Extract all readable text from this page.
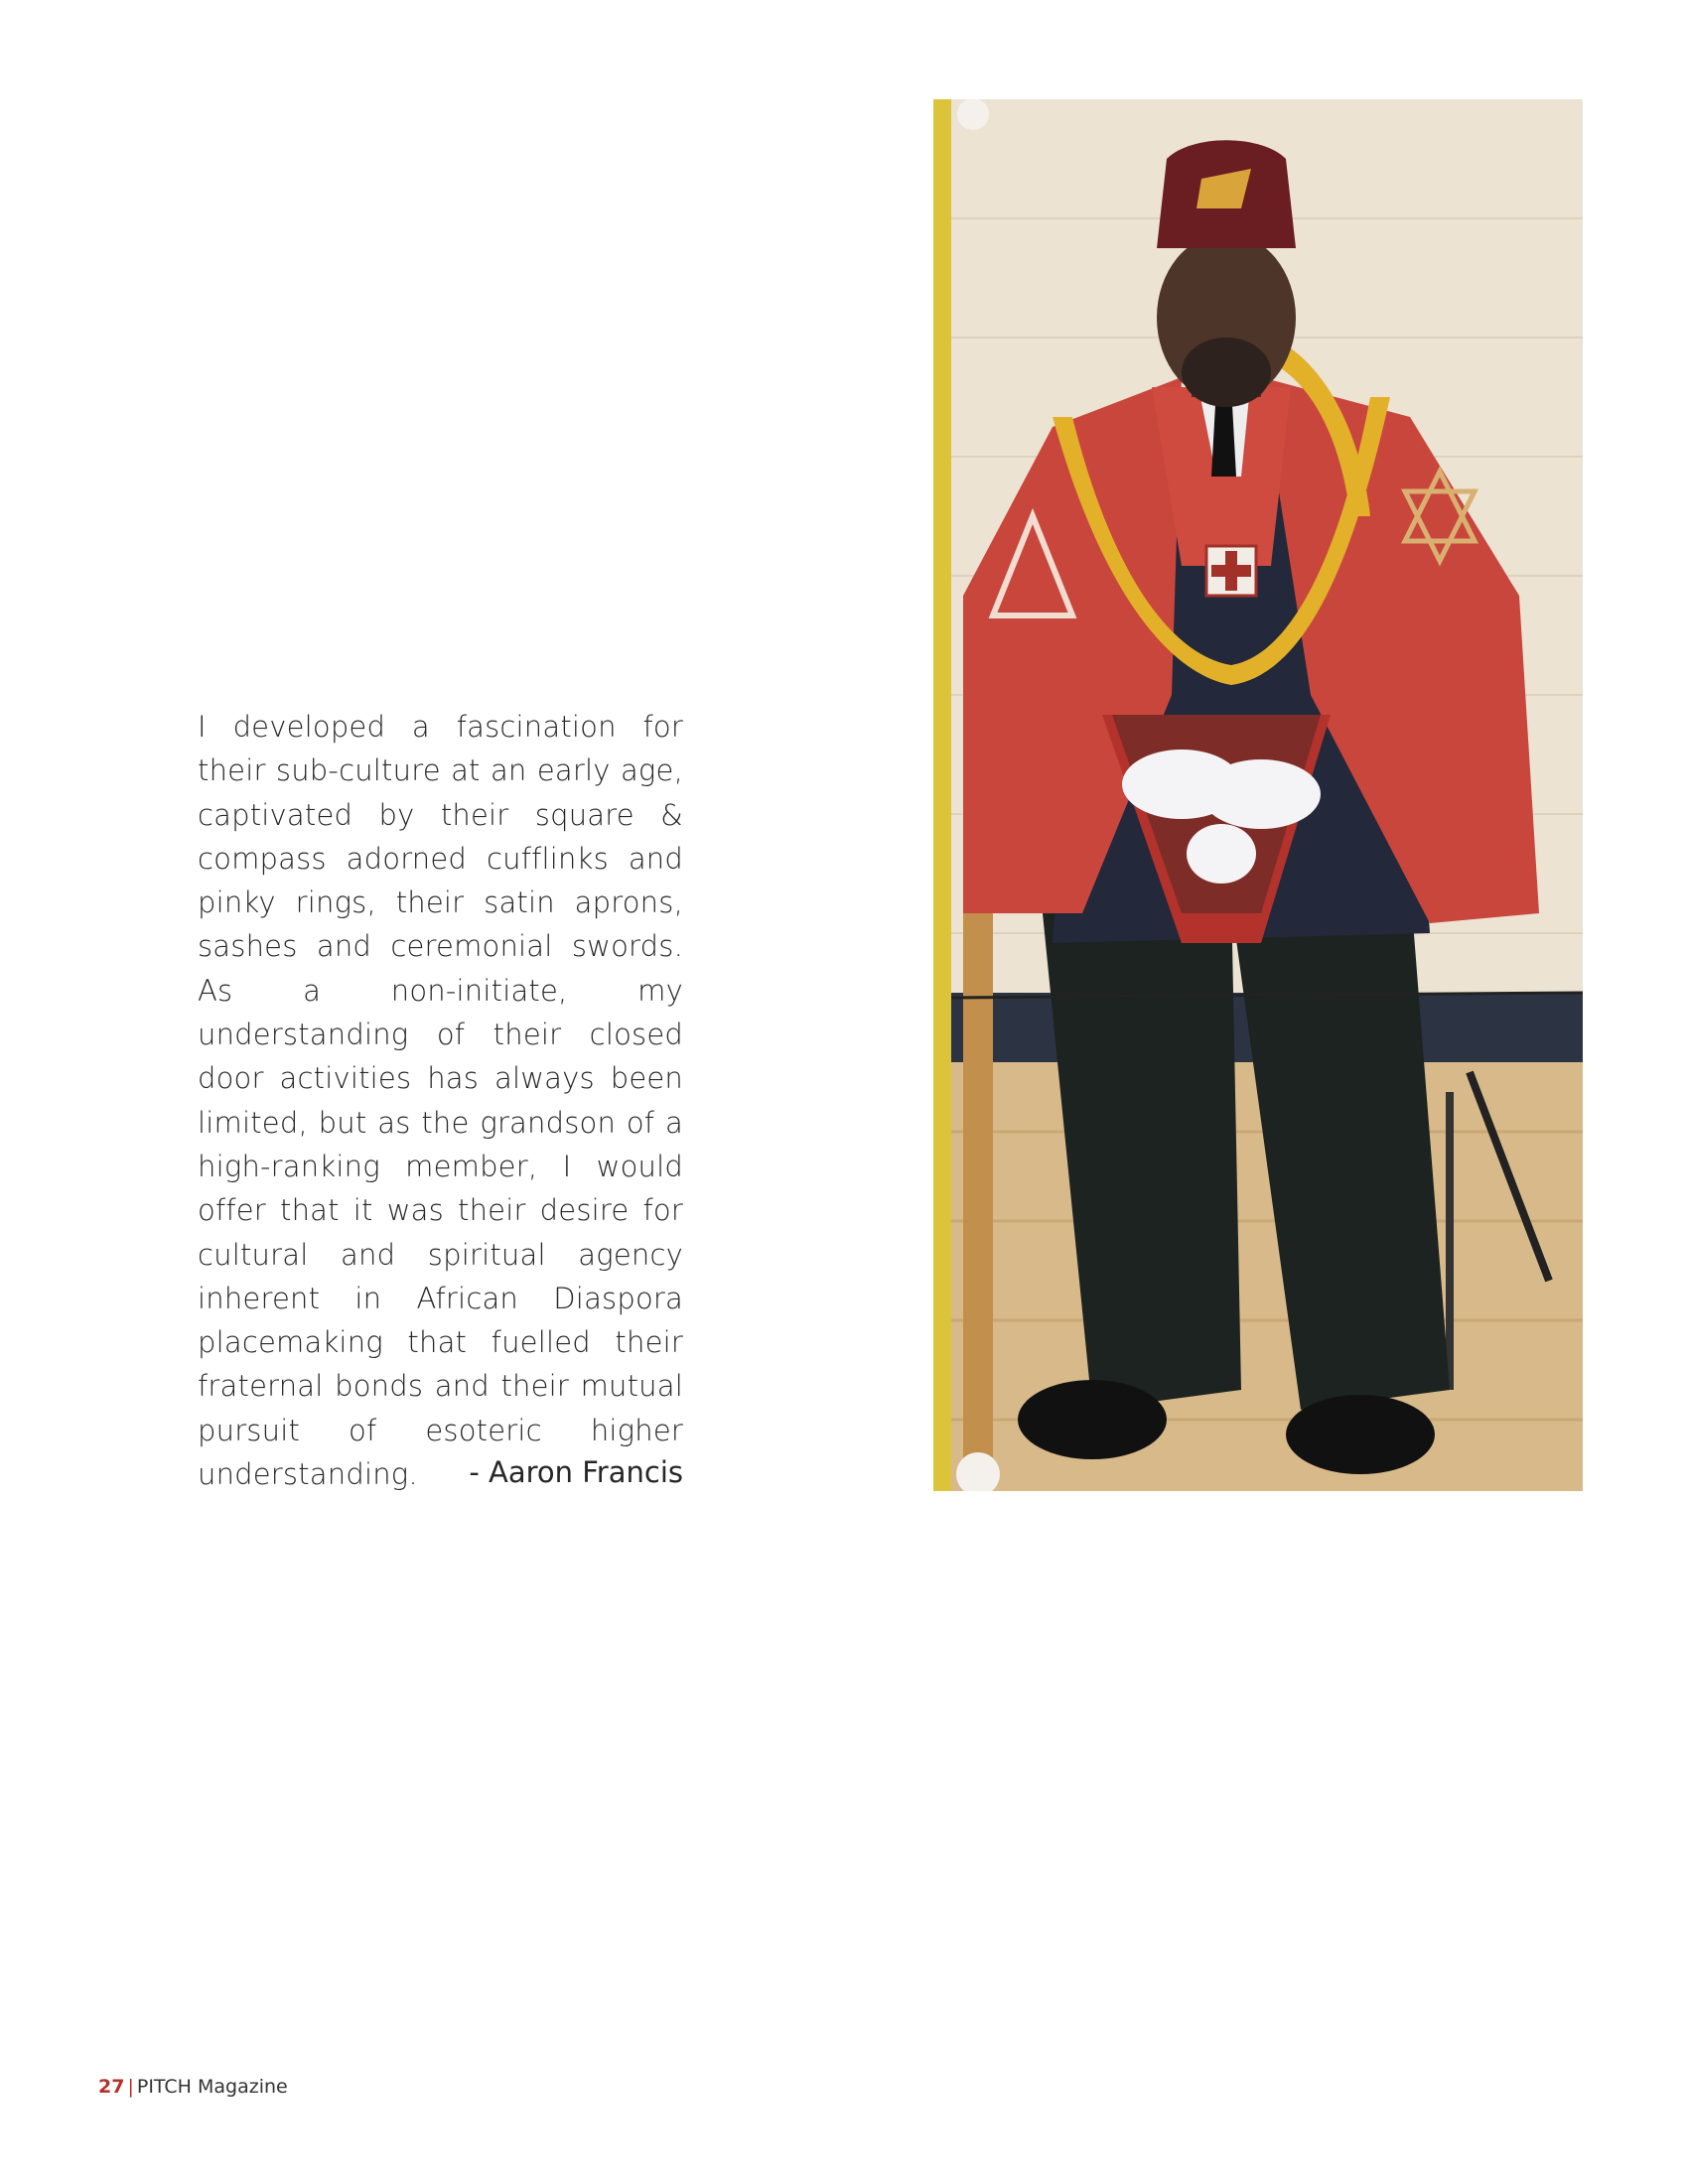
I developed a fascination for their sub-culture at an early age, captivated by their square & compass adorned cufflinks and pinky rings, their satin aprons, sashes and ceremonial swords. As a non-initiate, my understanding of their closed door activities has always been limited, but as the grandson of a high-ranking member, I would offer that it was their desire for cultural and spiritual agency inherent in African Diaspora placemaking that fuelled their fraternal bonds and their mutual pursuit of esoteric higher understanding.	- Aaron Francis
27 | PITCH Magazine
